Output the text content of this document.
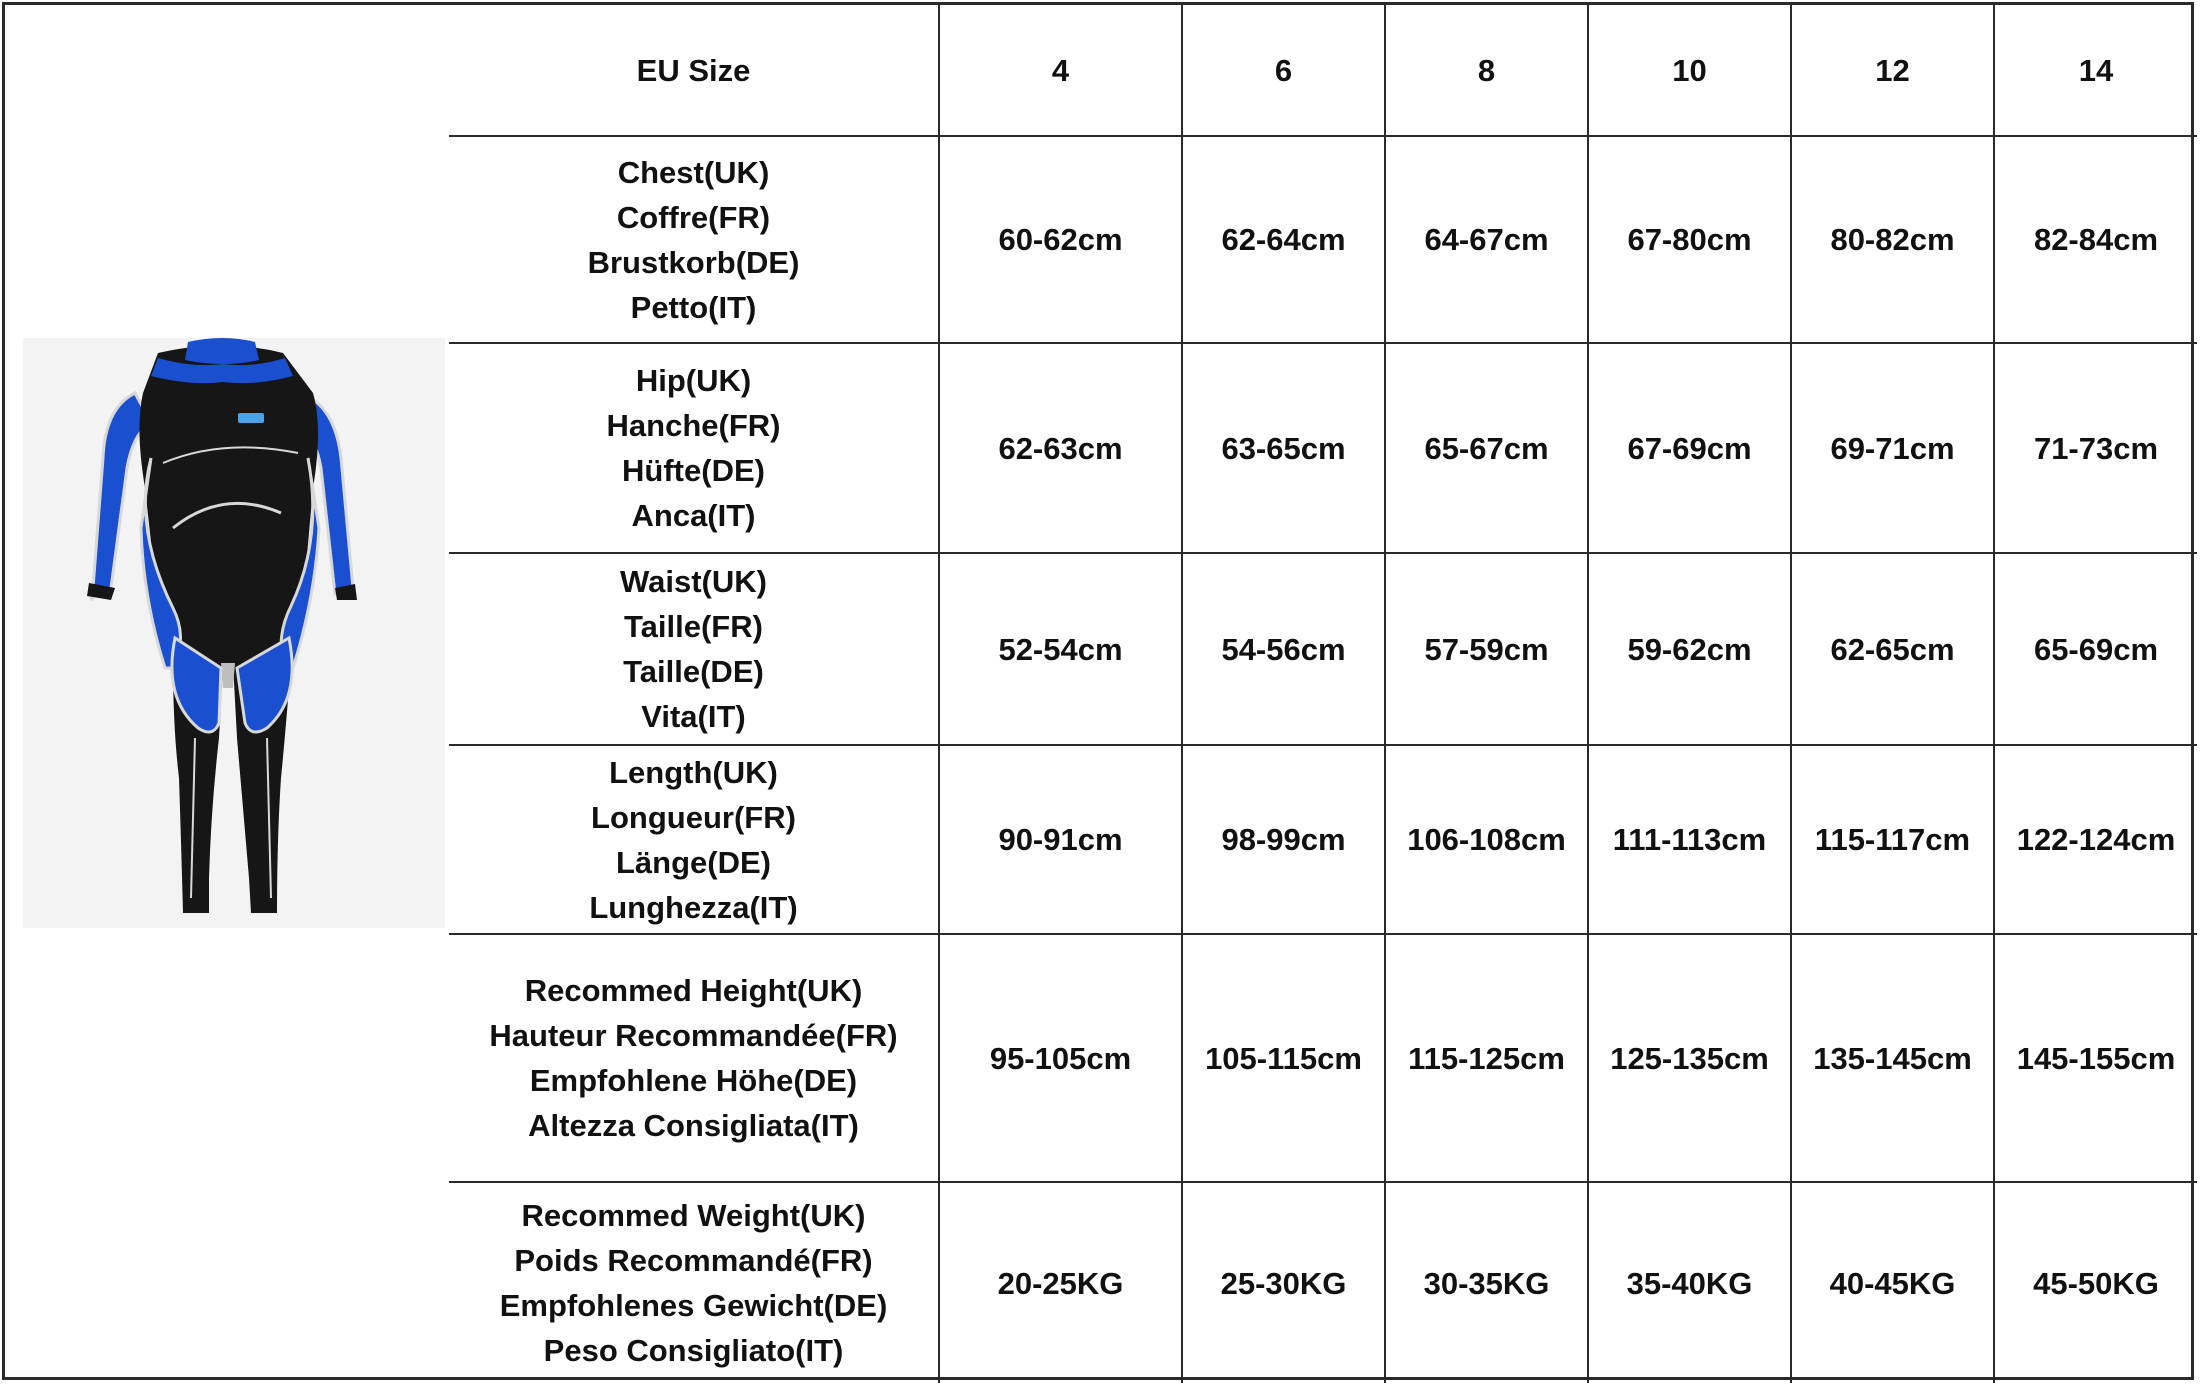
EU Size	4	6	8	10	12	14

Chest(UK)
Coffre(FR)
Brustkorb(DE)
Petto(IT)	60-62cm	62-64cm	64-67cm	67-80cm	80-82cm	82-84cm

Hip(UK)
Hanche(FR)
Hüfte(DE)
Anca(IT)	62-63cm	63-65cm	65-67cm	67-69cm	69-71cm	71-73cm

Waist(UK)
Taille(FR)
Taille(DE)
Vita(IT)	52-54cm	54-56cm	57-59cm	59-62cm	62-65cm	65-69cm

Length(UK)
Longueur(FR)
Länge(DE)
Lunghezza(IT)	90-91cm	98-99cm	106-108cm	111-113cm	115-117cm	122-124cm

Recommed Height(UK)
Hauteur Recommandée(FR)
Empfohlene Höhe(DE)
Altezza Consigliata(IT)	95-105cm	105-115cm	115-125cm	125-135cm	135-145cm	145-155cm

Recommed Weight(UK)
Poids Recommandé(FR)
Empfohlenes Gewicht(DE)
Peso Consigliato(IT)	20-25KG	25-30KG	30-35KG	35-40KG	40-45KG	45-50KG
